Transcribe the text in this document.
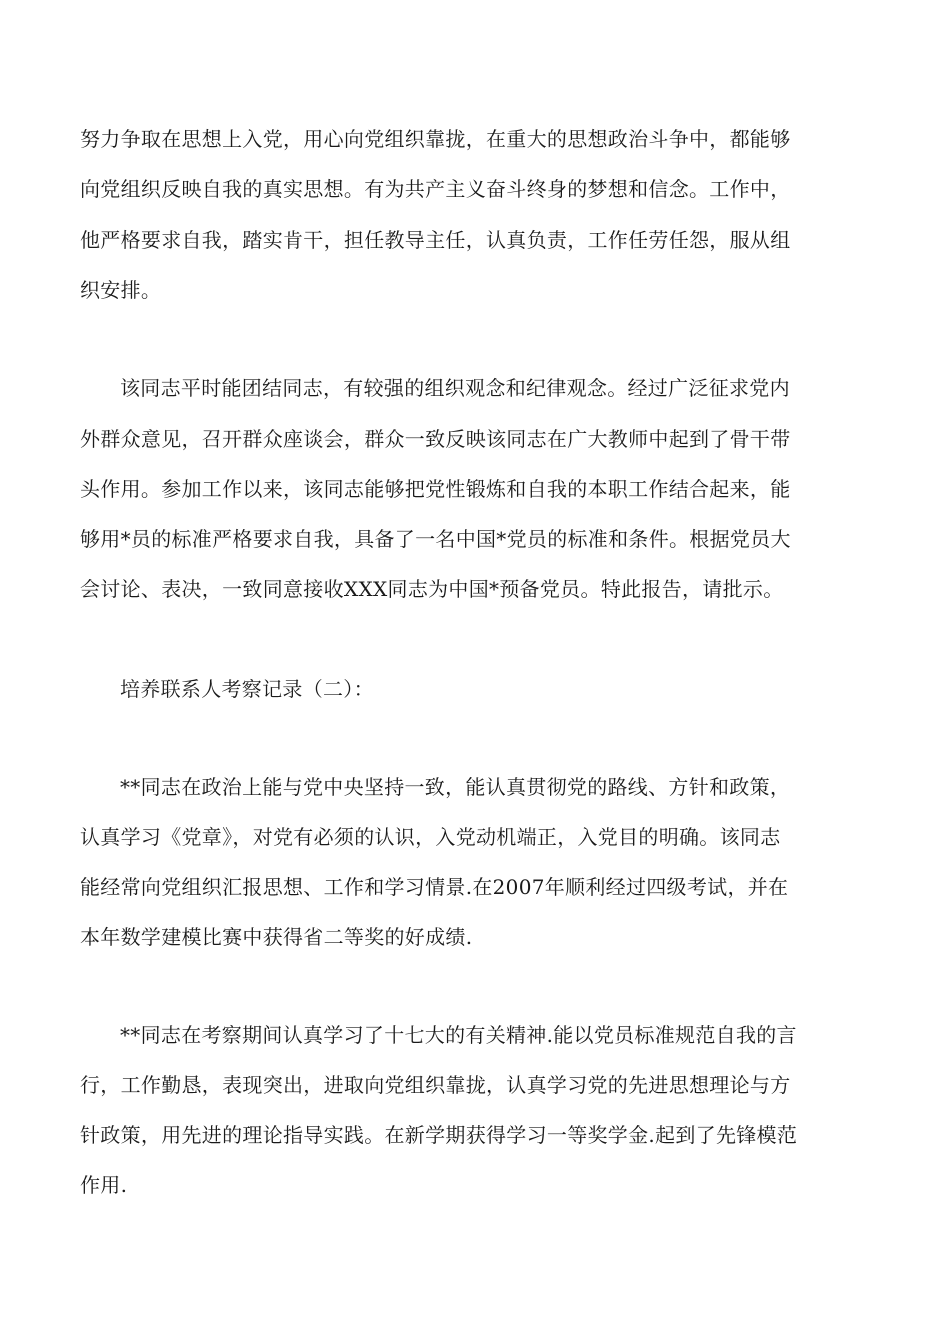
努力争取在思想上入党，用心向党组织靠拢，在重大的思想政治斗争中，都能够

向党组织反映自我的真实思想。有为共产主义奋斗终身的梦想和信念。工作中，

他严格要求自我，踏实肯干，担任教导主任，认真负责，工作任劳任怨，服从组

织安排。

该同志平时能团结同志，有较强的组织观念和纪律观念。经过广泛征求党内

外群众意见，召开群众座谈会，群众一致反映该同志在广大教师中起到了骨干带

头作用。参加工作以来，该同志能够把党性锻炼和自我的本职工作结合起来，能

够用*员的标准严格要求自我，具备了一名中国*党员的标准和条件。根据党员大

会讨论、表决，一致同意接收XXX同志为中国*预备党员。特此报告，请批示。

培养联系人考察记录（二）：

**同志在政治上能与党中央坚持一致，能认真贯彻党的路线、方针和政策，

认真学习《党章》，对党有必须的认识，入党动机端正，入党目的明确。该同志

能经常向党组织汇报思想、工作和学习情景.在2007年顺利经过四级考试，并在

本年数学建模比赛中获得省二等奖的好成绩.

**同志在考察期间认真学习了十七大的有关精神.能以党员标准规范自我的言

行，工作勤恳，表现突出，进取向党组织靠拢，认真学习党的先进思想理论与方

针政策，用先进的理论指导实践。在新学期获得学习一等奖学金.起到了先锋模范

作用.
